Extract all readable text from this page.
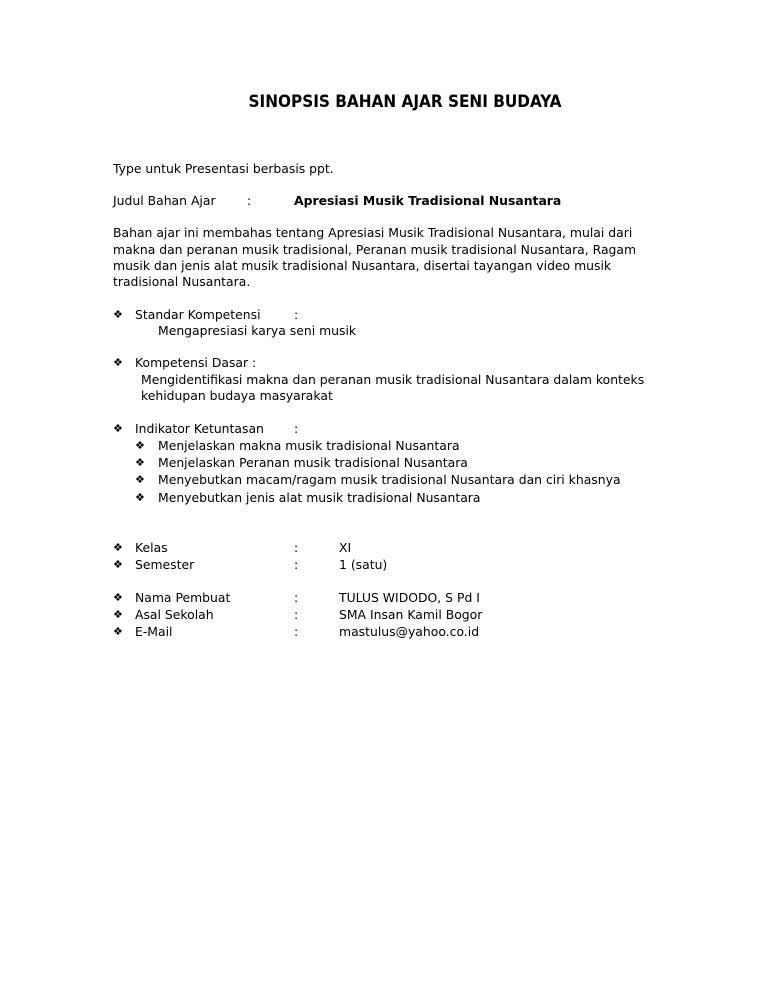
SINOPSIS BAHAN AJAR SENI BUDAYA
Type untuk Presentasi berbasis ppt.
Judul Bahan Ajar	:	Apresiasi Musik Tradisional Nusantara
Bahan ajar ini membahas tentang Apresiasi Musik Tradisional Nusantara, mulai dari
makna dan peranan musik tradisional, Peranan musik tradisional Nusantara, Ragam
musik dan jenis alat musik tradisional Nusantara, disertai tayangan video musik
tradisional Nusantara.
❖ Standar Kompetensi	:
Mengapresiasi karya seni musik
❖ Kompetensi Dasar :
Mengidentifikasi makna dan peranan musik tradisional Nusantara dalam konteks
kehidupan budaya masyarakat
❖ Indikator Ketuntasan :
❖ Menjelaskan makna musik tradisional Nusantara
❖ Menjelaskan Peranan musik tradisional Nusantara
❖ Menyebutkan macam/ragam musik tradisional Nusantara dan ciri khasnya
❖ Menyebutkan jenis alat musik tradisional Nusantara
❖ Kelas	:	XI
❖ Semester	:	1 (satu)
❖ Nama Pembuat	:	TULUS WIDODO, S Pd I
❖ Asal Sekolah	:	SMA Insan Kamil Bogor
❖ E-Mail	:	mastulus@yahoo.co.id
